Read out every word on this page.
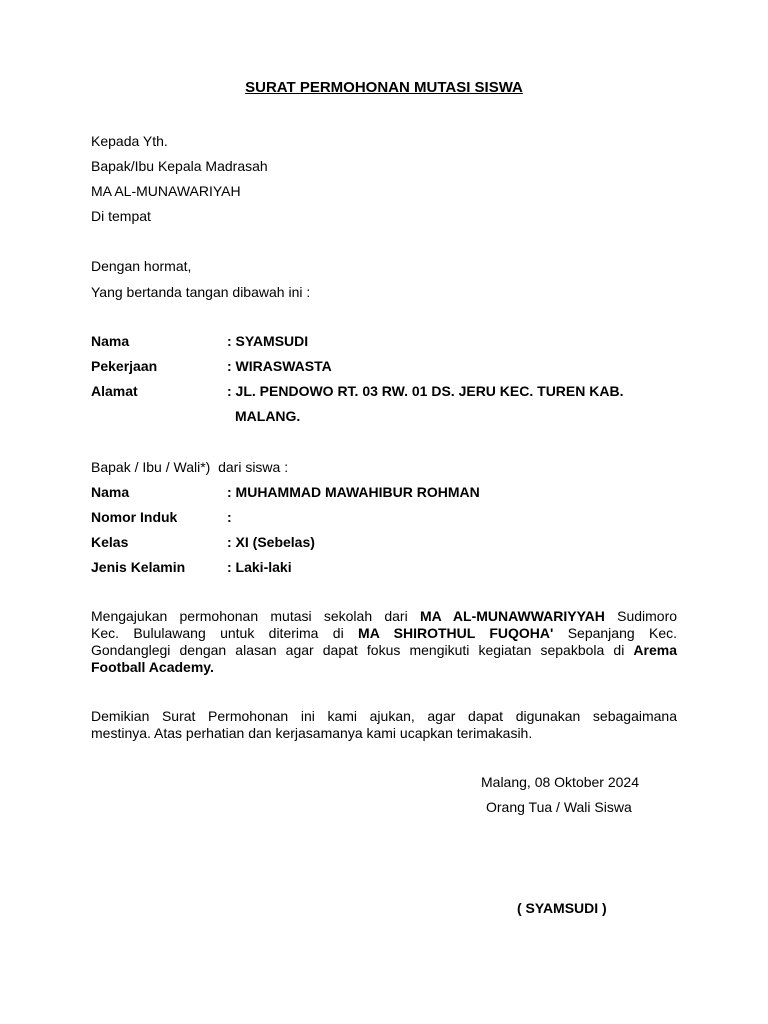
SURAT PERMOHONAN MUTASI SISWA
Kepada Yth.
Bapak/Ibu Kepala Madrasah
MA AL-MUNAWARIYAH
Di tempat
Dengan hormat,
Yang bertanda tangan dibawah ini :
Nama	: SYAMSUDI
Pekerjaan	: WIRASWASTA
Alamat	: JL. PENDOWO RT. 03 RW. 01 DS. JERU KEC. TUREN KAB.
MALANG.
Bapak / Ibu / Wali*)  dari siswa :
Nama	: MUHAMMAD MAWAHIBUR ROHMAN
Nomor Induk	:
Kelas	: XI (Sebelas)
Jenis Kelamin	: Laki-laki
Mengajukan permohonan mutasi sekolah dari MA AL-MUNAWWARIYYAH Sudimoro
Kec. Bululawang untuk diterima di MA SHIROTHUL FUQOHA' Sepanjang Kec.
Gondanglegi dengan alasan agar dapat fokus mengikuti kegiatan sepakbola di Arema
Football Academy.
Demikian Surat Permohonan ini kami ajukan, agar dapat digunakan sebagaimana
mestinya. Atas perhatian dan kerjasamanya kami ucapkan terimakasih.
Malang, 08 Oktober 2024
Orang Tua / Wali Siswa
( SYAMSUDI )
